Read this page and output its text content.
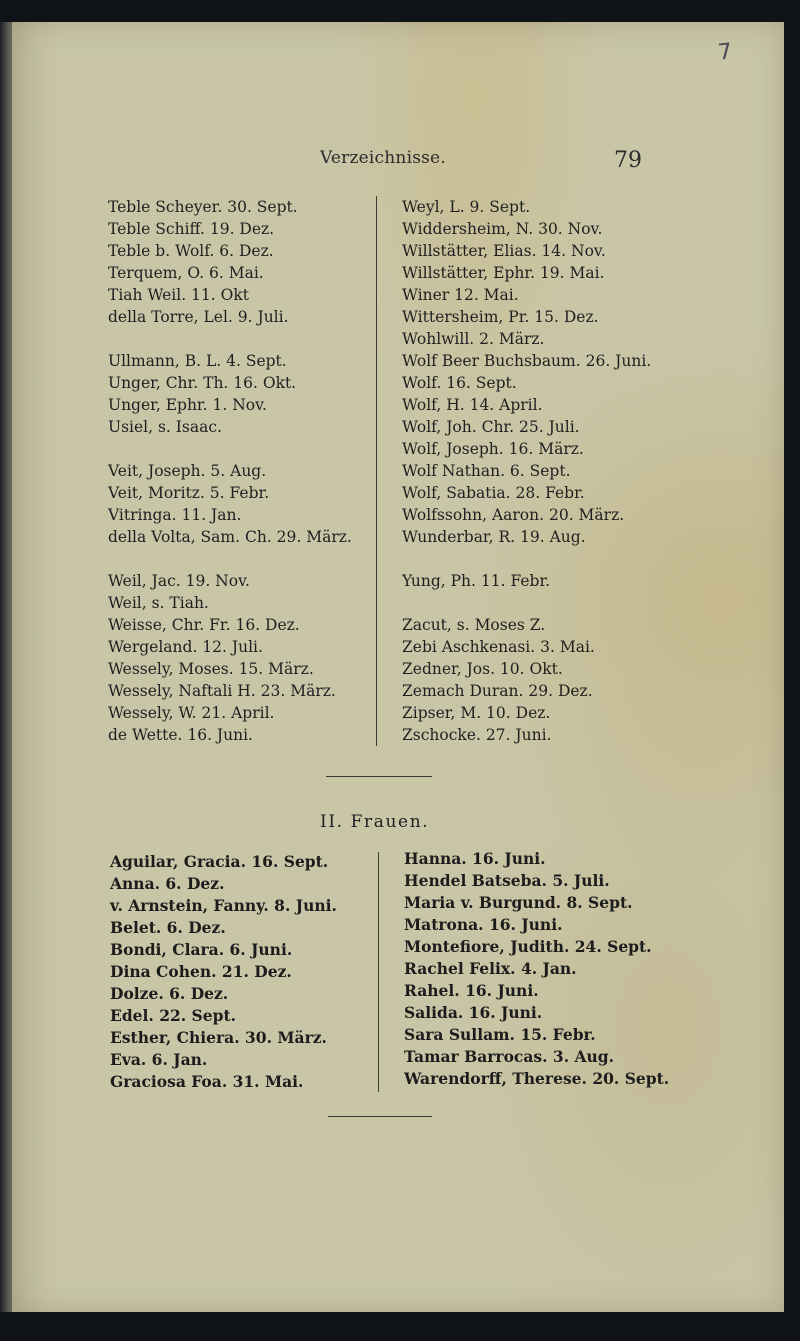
7
Verzeichnisse.	79
Teble Scheyer. 30. Sept.
Teble Schiff. 19. Dez.
Teble b. Wolf. 6. Dez.
Terquem, O. 6. Mai.
Tiah Weil. 11. Okt
della Torre, Lel. 9. Juli.
Ullmann, B. L. 4. Sept.
Unger, Chr. Th. 16. Okt.
Unger, Ephr. 1. Nov.
Usiel, s. Isaac.
Veit, Joseph. 5. Aug.
Veit, Moritz. 5. Febr.
Vitringa. 11. Jan.
della Volta, Sam. Ch. 29. März.
Weil, Jac. 19. Nov.
Weil, s. Tiah.
Weisse, Chr. Fr. 16. Dez.
Wergeland. 12. Juli.
Wessely, Moses. 15. März.
Wessely, Naftali H. 23. März.
Wessely, W. 21. April.
de Wette. 16. Juni.
Weyl, L. 9. Sept.
Widdersheim, N. 30. Nov.
Willstätter, Elias. 14. Nov.
Willstätter, Ephr. 19. Mai.
Winer 12. Mai.
Wittersheim, Pr. 15. Dez.
Wohlwill. 2. März.
Wolf Beer Buchsbaum. 26. Juni.
Wolf. 16. Sept.
Wolf, H. 14. April.
Wolf, Joh. Chr. 25. Juli.
Wolf, Joseph. 16. März.
Wolf Nathan. 6. Sept.
Wolf, Sabatia. 28. Febr.
Wolfssohn, Aaron. 20. März.
Wunderbar, R. 19. Aug.
Yung, Ph. 11. Febr.
Zacut, s. Moses Z.
Zebi Aschkenasi. 3. Mai.
Zedner, Jos. 10. Okt.
Zemach Duran. 29. Dez.
Zipser, M. 10. Dez.
Zschocke. 27. Juni.
II. Frauen.
Aguilar, Gracia. 16. Sept.
Anna. 6. Dez.
v. Arnstein, Fanny. 8. Juni.
Belet. 6. Dez.
Bondi, Clara. 6. Juni.
Dina Cohen. 21. Dez.
Dolze. 6. Dez.
Edel. 22. Sept.
Esther, Chiera. 30. März.
Eva. 6. Jan.
Graciosa Foa. 31. Mai.
Hanna. 16. Juni.
Hendel Batseba. 5. Juli.
Maria v. Burgund. 8. Sept.
Matrona. 16. Juni.
Montefiore, Judith. 24. Sept.
Rachel Felix. 4. Jan.
Rahel. 16. Juni.
Salida. 16. Juni.
Sara Sullam. 15. Febr.
Tamar Barrocas. 3. Aug.
Warendorff, Therese. 20. Sept.
